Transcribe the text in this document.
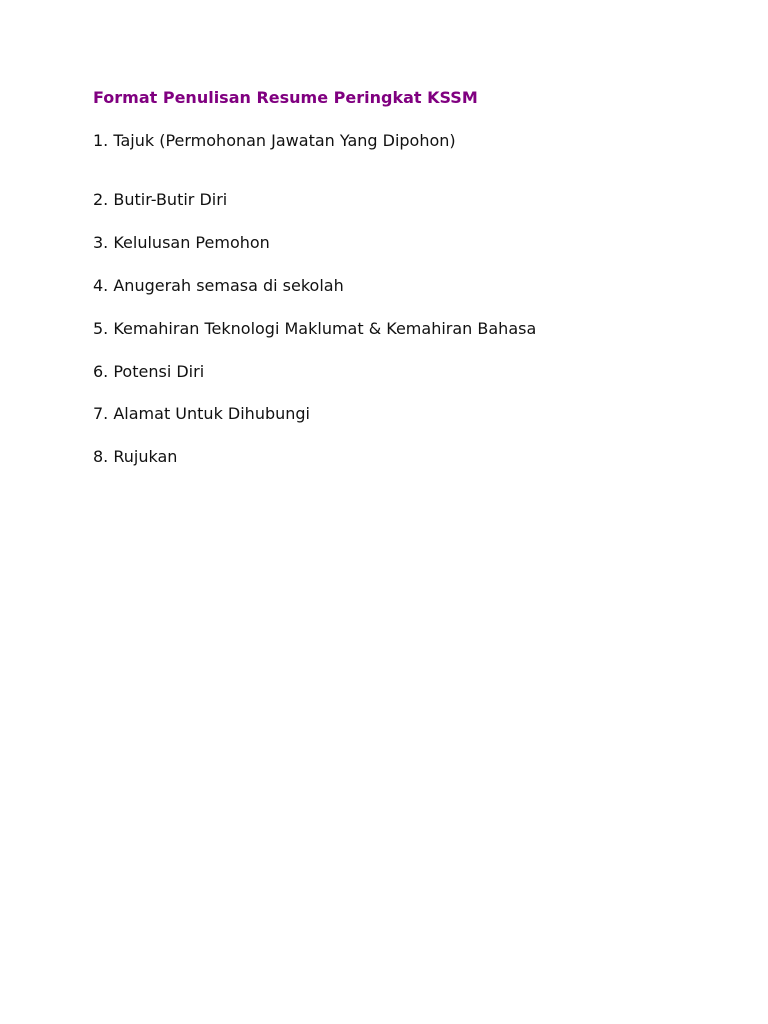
Format Penulisan Resume Peringkat KSSM
1. Tajuk (Permohonan Jawatan Yang Dipohon)
2. Butir-Butir Diri
3. Kelulusan Pemohon
4. Anugerah semasa di sekolah
5. Kemahiran Teknologi Maklumat & Kemahiran Bahasa
6. Potensi Diri
7. Alamat Untuk Dihubungi
8. Rujukan
